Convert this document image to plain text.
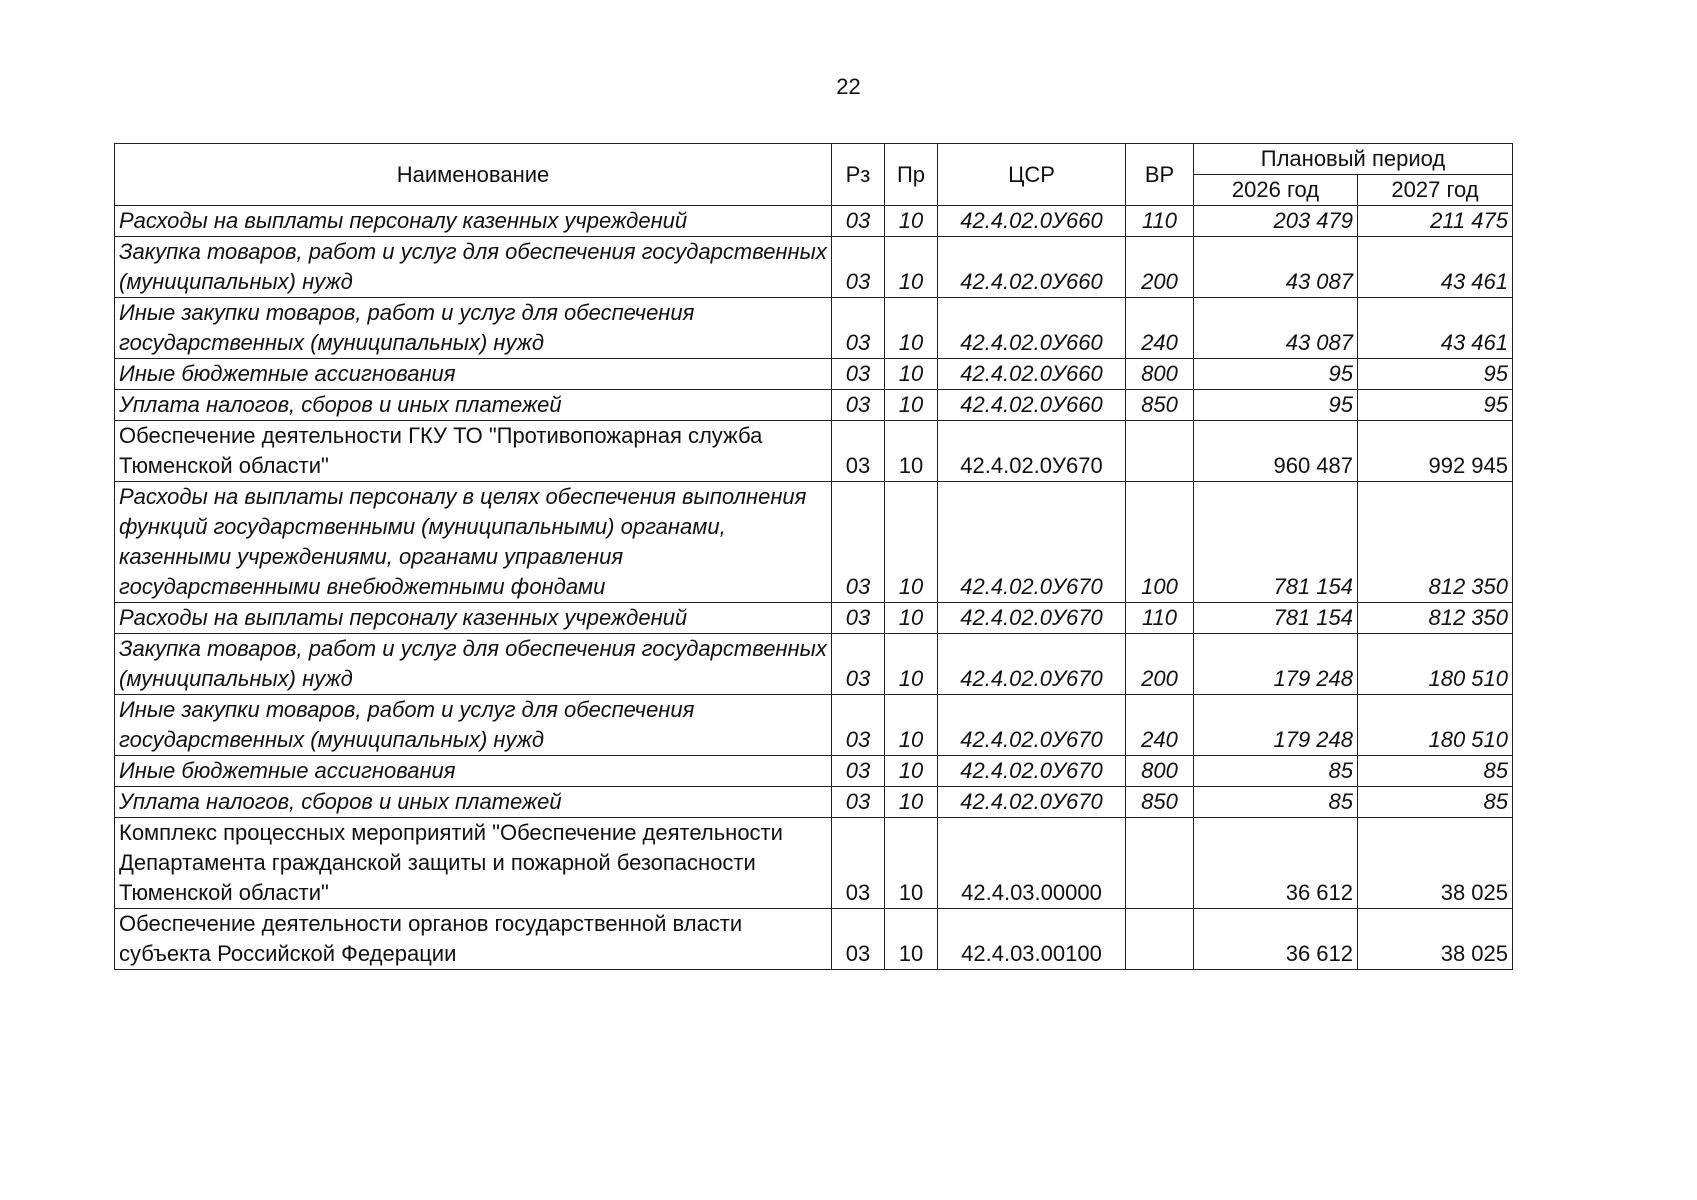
22
Наименование	Рз	Пр	ЦСР	ВР	Плановый период	
					2026 год	2027 год
Расходы на выплаты персоналу казенных учреждений	03	10	42.4.02.0У660	110	203 479	211 475
Закупка товаров, работ и услуг для обеспечения государственных (муниципальных) нужд	03	10	42.4.02.0У660	200	43 087	43 461
Иные закупки товаров, работ и услуг для обеспечения государственных (муниципальных) нужд	03	10	42.4.02.0У660	240	43 087	43 461
Иные бюджетные ассигнования	03	10	42.4.02.0У660	800	95	95
Уплата налогов, сборов и иных платежей	03	10	42.4.02.0У660	850	95	95
Обеспечение деятельности ГКУ ТО "Противопожарная служба Тюменской области"	03	10	42.4.02.0У670		960 487	992 945
Расходы на выплаты персоналу в целях обеспечения выполнения функций государственными (муниципальными) органами, казенными учреждениями, органами управления государственными внебюджетными фондами	03	10	42.4.02.0У670	100	781 154	812 350
Расходы на выплаты персоналу казенных учреждений	03	10	42.4.02.0У670	110	781 154	812 350
Закупка товаров, работ и услуг для обеспечения государственных (муниципальных) нужд	03	10	42.4.02.0У670	200	179 248	180 510
Иные закупки товаров, работ и услуг для обеспечения государственных (муниципальных) нужд	03	10	42.4.02.0У670	240	179 248	180 510
Иные бюджетные ассигнования	03	10	42.4.02.0У670	800	85	85
Уплата налогов, сборов и иных платежей	03	10	42.4.02.0У670	850	85	85
Комплекс процессных мероприятий "Обеспечение деятельности Департамента гражданской защиты и пожарной безопасности Тюменской области"	03	10	42.4.03.00000		36 612	38 025
Обеспечение деятельности органов государственной власти субъекта Российской Федерации	03	10	42.4.03.00100		36 612	38 025
